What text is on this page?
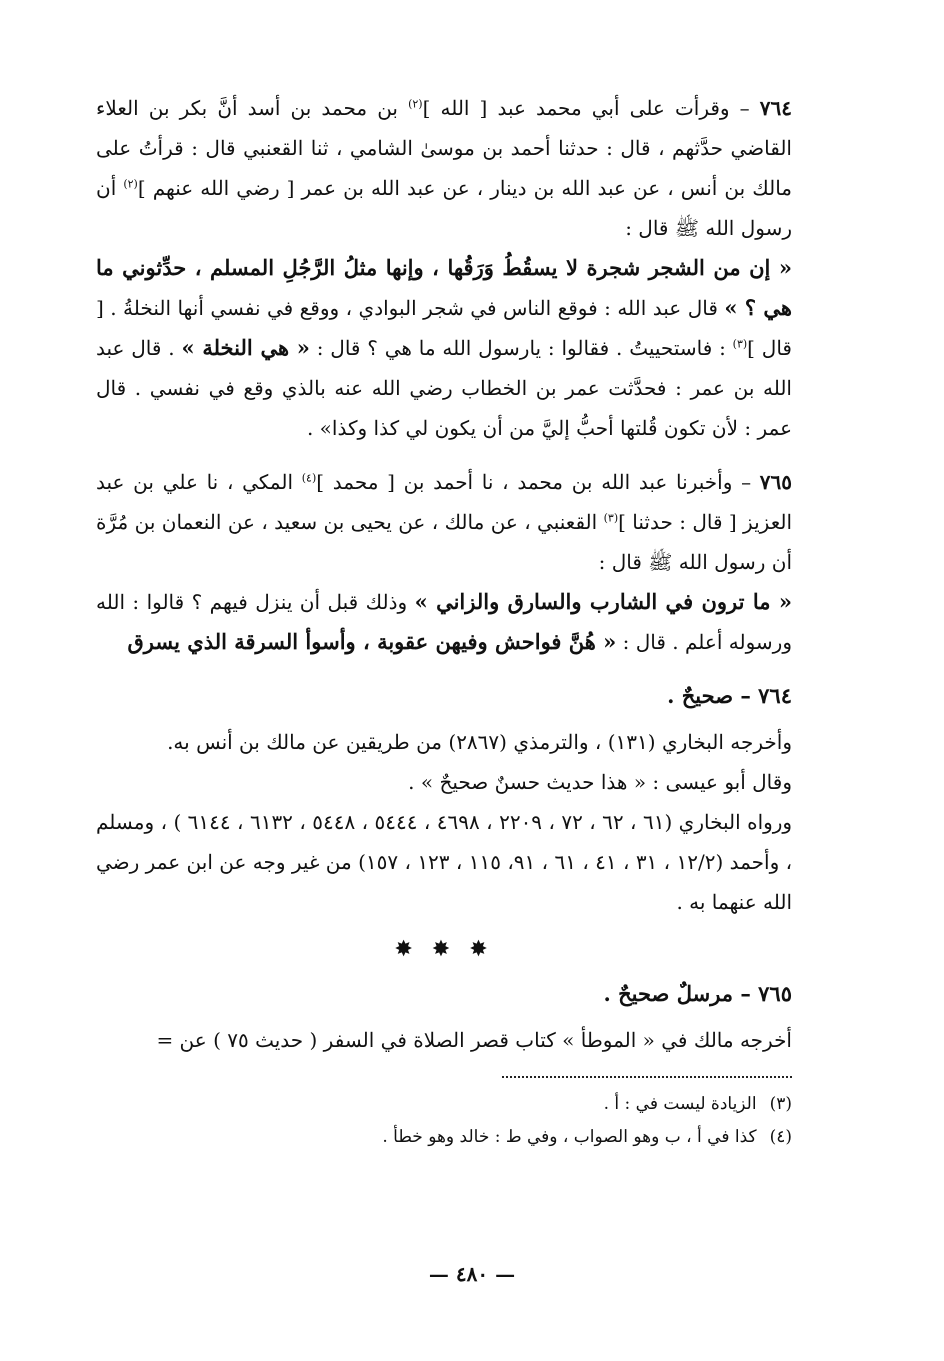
٧٦٤ – وقرأت على أبي محمد عبد [ الله ]$^{(٢)}$ بن محمد بن أسد أنَّ بكر بن العلاء القاضي حدَّثهم ، قال : حدثنا أحمد بن موسىٰ الشامي ، ثنا القعنبي قال : قرأتُ على مالك بن أنس ، عن عبد الله بن دينار ، عن عبد الله بن عمر [ رضي الله عنهم ]$^{(٢)}$ أن رسول الله ﷺ قال :
« إن من الشجر شجرة لا يسقُطُ وَرَقُها ، وإنها مثلُ الرَّجُلِ المسلم ، حدِّثوني ما هي ؟ » قال عبد الله : فوقع الناس في شجر البوادي ، ووقع في نفسي أنها النخلةُ . [ قال ]$^{(٣)}$ : فاستحييتُ . فقالوا : يارسول الله ما هي ؟ قال : « هي النخلة » . قال عبد الله بن عمر : فحدَّثت عمر بن الخطاب رضي الله عنه بالذي وقع في نفسي . قال عمر : لأن تكون قُلتها أحبُّ إليَّ من أن يكون لي كذا وكذا» .

٧٦٥ – وأخبرنا عبد الله بن محمد ، نا أحمد بن [ محمد ]$^{(٤)}$ المكي ، نا علي بن عبد العزيز [ قال : حدثنا ]$^{(٣)}$ القعنبي ، عن مالك ، عن يحيى بن سعيد ، عن النعمان بن مُرَّة أن رسول الله ﷺ قال :
« ما ترون في الشارب والسارق والزاني » وذلك قبل أن ينزل فيهم ؟ قالوا : الله ورسوله أعلم . قال : « هُنَّ فواحش وفيهن عقوبة ، وأسوأ السرقة الذي يسرق

٧٦٤ – صحيحٌ .

وأخرجه البخاري (١٣١) ، والترمذي (٢٨٦٧) من طريقين عن مالك بن أنس به.

وقال أبو عيسى : « هذا حديث حسنٌ صحيحٌ » .

ورواه البخاري (٦١ ، ٦٢ ، ٧٢ ، ٢٢٠٩ ، ٤٦٩٨ ، ٥٤٤٤ ، ٥٤٤٨ ، ٦١٣٢ ، ٦١٤٤ ) ، ومسلم ، وأحمد (١٢/٢ ، ٣١ ، ٤١ ، ٦١ ، ٩١، ١١٥ ، ١٢٣ ، ١٥٧) من غير وجه عن ابن عمر رضي الله عنهما به .

✸ ✸ ✸
٧٦٥ – مرسلٌ صحيحٌ .

أخرجه مالك في « الموطأ » كتاب قصر الصلاة في السفر ( حديث ٧٥ ) عن =

(٣) الزيادة ليست في : أ .
(٤) كذا في أ ، ب وهو الصواب ، وفي ط : خالد وهو خطأ .
— ٤٨٠ —
